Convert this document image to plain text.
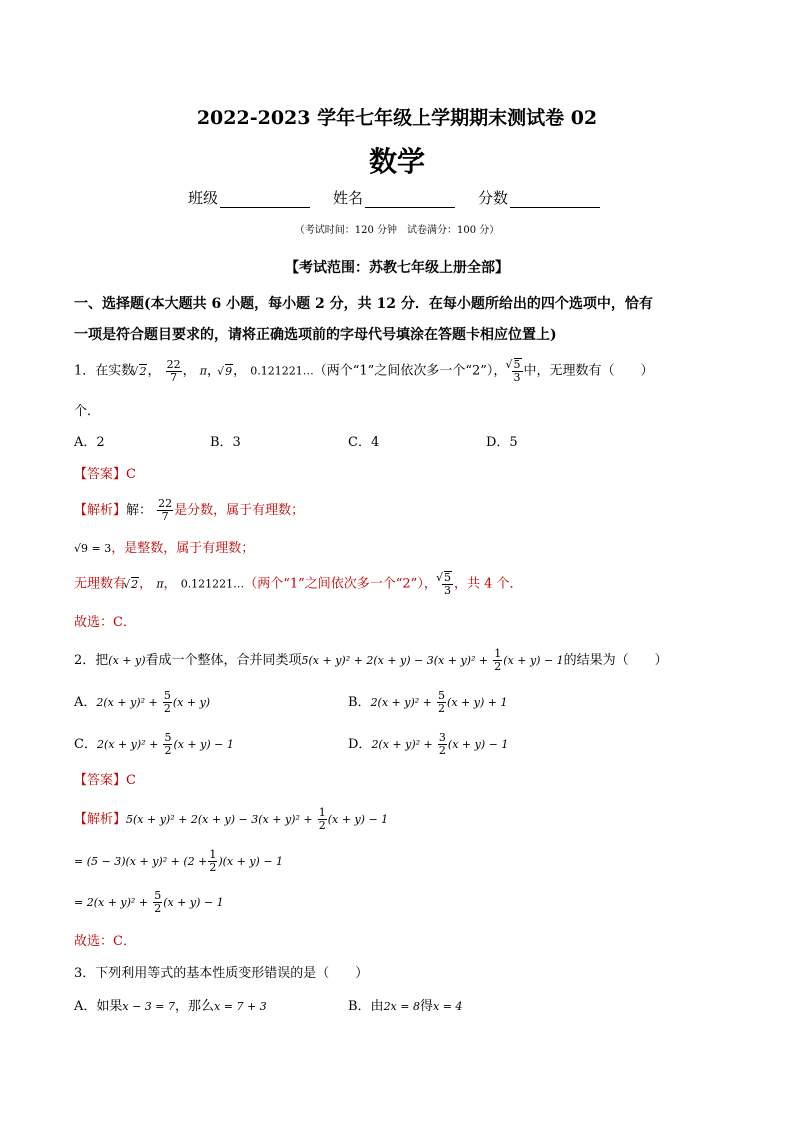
2022-2023 学年七年级上学期期末测试卷 02
数学
班级	姓名	分数
（考试时间：120 分钟　试卷满分：100 分）
【考试范围：苏教七年级上册全部】
一、选择题(本大题共 6 小题，每小题 2 分，共 12 分．在每小题所给出的四个选项中，恰有
一项是符合题目要求的，请将正确选项前的字母代号填涂在答题卡相应位置上)
1．在实数 √ 2， $\frac{22}{7}$ ， π， √ 9， 0.121221…（两个“1”之间依次多一个“2”）， √ $\frac{5}{3}$ 中，无理数有（　　）
个．
A．2	B．3	C．4	D．5
【答案】C
【解析】解： $\frac{22}{7}$ 是分数，属于有理数；
√9 = 3，是整数，属于有理数；
无理数有 √ 2， π， 0.121221…（两个“1”之间依次多一个“2”）， √ $\frac{5}{3}$ ，共 4 个．
故选：C．
2．把(x + y)看成一个整体，合并同类项$5(x + y)^2 + 2(x + y) - 3(x + y)^2 + \frac{1}{2} (x + y) - 1$的结果为（　　）
A．$2(x + y)^2 + \frac{5}{2} (x + y)$	B．$2(x + y)^2 + \frac{5}{2} (x + y) + 1$
C．$2(x + y)^2 + \frac{5}{2} (x + y) - 1$	D．$2(x + y)^2 + \frac{3}{2} (x + y) - 1$
【答案】C
【解析】$5(x + y)^2 + 2(x + y) - 3(x + y)^2 + \frac{1}{2} (x + y) - 1$
= $(5 - 3)(x + y)^2 + (2 + \frac{1}{2} )(x + y) - 1$
= $2(x + y)^2 + \frac{5}{2} (x + y) - 1$
故选：C．
3．下列利用等式的基本性质变形错误的是（　　）
A．如果x − 3 = 7，那么x = 7 + 3	B．由2x = 8得x = 4
